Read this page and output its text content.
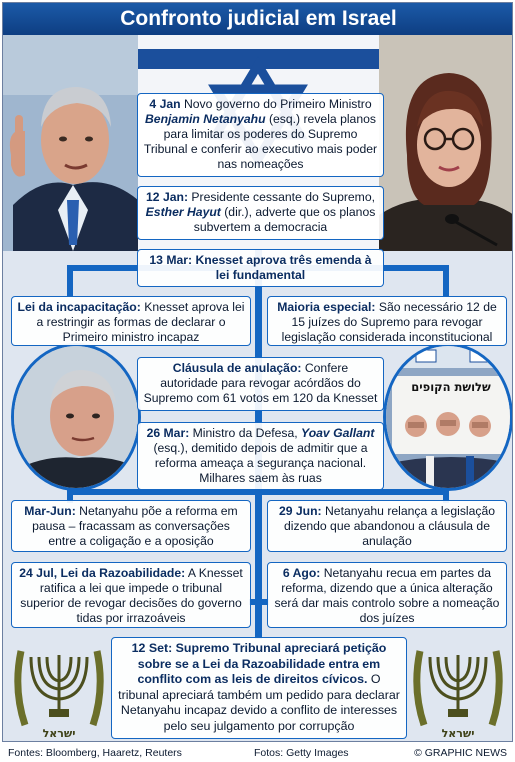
Confronto judicial em Israel
שלושת הקופים
ישראל	ישראל
4 Jan Novo governo do Primeiro Ministro Benjamin Netanyahu (esq.) revela planos para limitar os poderes do Supremo Tribunal e conferir ao executivo mais poder nas nomeações
12 Jan: Presidente cessante do Supremo, Esther Hayut (dir.), adverte que os planos subvertem a democracia
13 Mar: Knesset aprova três emenda à lei fundamental
Lei da incapacitação: Knesset aprova lei a restringir as formas de declarar o Primeiro ministro incapaz
Maioria especial: São necessário 12 de 15 juízes do Supremo para revogar legislação considerada inconstitucional
Cláusula de anulação: Confere autoridade para revogar acórdãos do Supremo com 61 votos em 120 da Knesset
26 Mar: Ministro da Defesa, Yoav Gallant (esq.), demitido depois de admitir que a reforma ameaça a segurança nacional. Milhares saem às ruas
Mar-Jun: Netanyahu põe a reforma em pausa – fracassam as conversações entre a coligação e a oposição
29 Jun: Netanyahu relança a legislação dizendo que abandonou a cláusula de anulação
24 Jul, Lei da Razoabilidade: A Knesset ratifica a lei que impede o tribunal superior de revogar decisões do governo tidas por irrazoáveis
6 Ago: Netanyahu recua em partes da reforma, dizendo que a única alteração será dar mais controlo sobre a nomeação dos juízes
12 Set: Supremo Tribunal apreciará petição sobre se a Lei da Razoabilidade entra em conflito com as leis de direitos cívicos. O tribunal apreciará também um pedido para declarar Netanyahu incapaz devido a conflito de interesses pelo seu julgamento por corrupção
Fontes: Bloomberg, Haaretz, Reuters	Fotos: Getty Images	© GRAPHIC NEWS
